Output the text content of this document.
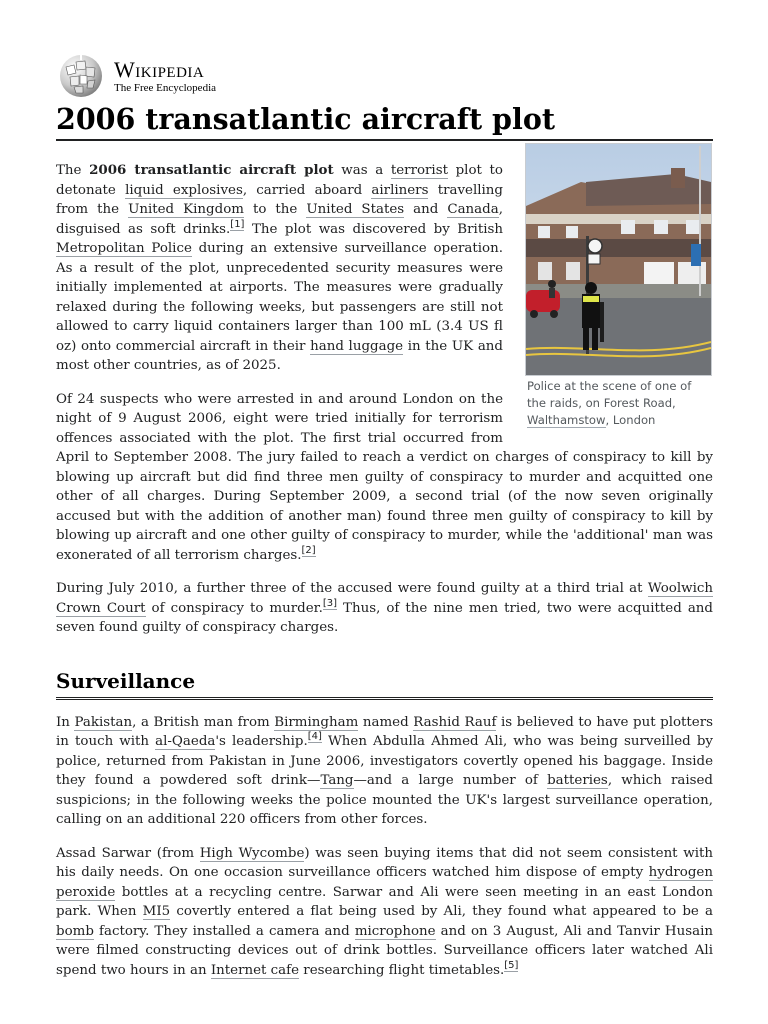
Wikipedia
The Free Encyclopedia
2006 transatlantic aircraft plot
Police at the scene of one of the raids, on Forest Road, Walthamstow, London

The 2006 transatlantic aircraft plot was a terrorist plot to detonate liquid explosives, carried aboard airliners travelling from the United Kingdom to the United States and Canada, disguised as soft drinks.[1] The plot was discovered by British Metropolitan Police during an extensive surveillance operation. As a result of the plot, unprecedented security measures were initially implemented at airports. The measures were gradually relaxed during the following weeks, but passengers are still not allowed to carry liquid containers larger than 100 mL (3.4 US fl oz) onto commercial aircraft in their hand luggage in the UK and most other countries, as of 2025.

Of 24 suspects who were arrested in and around London on the night of 9 August 2006, eight were tried initially for terrorism offences associated with the plot. The first trial occurred from April to September 2008. The jury failed to reach a verdict on charges of conspiracy to kill by blowing up aircraft but did find three men guilty of conspiracy to murder and acquitted one other of all charges. During September 2009, a second trial (of the now seven originally accused but with the addition of another man) found three men guilty of conspiracy to kill by blowing up aircraft and one other guilty of conspiracy to murder, while the 'additional' man was exonerated of all terrorism charges.[2]

During July 2010, a further three of the accused were found guilty at a third trial at Woolwich Crown Court of conspiracy to murder.[3] Thus, of the nine men tried, two were acquitted and seven found guilty of conspiracy charges.

Surveillance

In Pakistan, a British man from Birmingham named Rashid Rauf is believed to have put plotters in touch with al-Qaeda's leadership.[4] When Abdulla Ahmed Ali, who was being surveilled by police, returned from Pakistan in June 2006, investigators covertly opened his baggage. Inside they found a powdered soft drink—Tang—and a large number of batteries, which raised suspicions; in the following weeks the police mounted the UK's largest surveillance operation, calling on an additional 220 officers from other forces.

Assad Sarwar (from High Wycombe) was seen buying items that did not seem consistent with his daily needs. On one occasion surveillance officers watched him dispose of empty hydrogen peroxide bottles at a recycling centre. Sarwar and Ali were seen meeting in an east London park. When MI5 covertly entered a flat being used by Ali, they found what appeared to be a bomb factory. They installed a camera and microphone and on 3 August, Ali and Tanvir Husain were filmed constructing devices out of drink bottles. Surveillance officers later watched Ali spend two hours in an Internet cafe researching flight timetables.[5]
